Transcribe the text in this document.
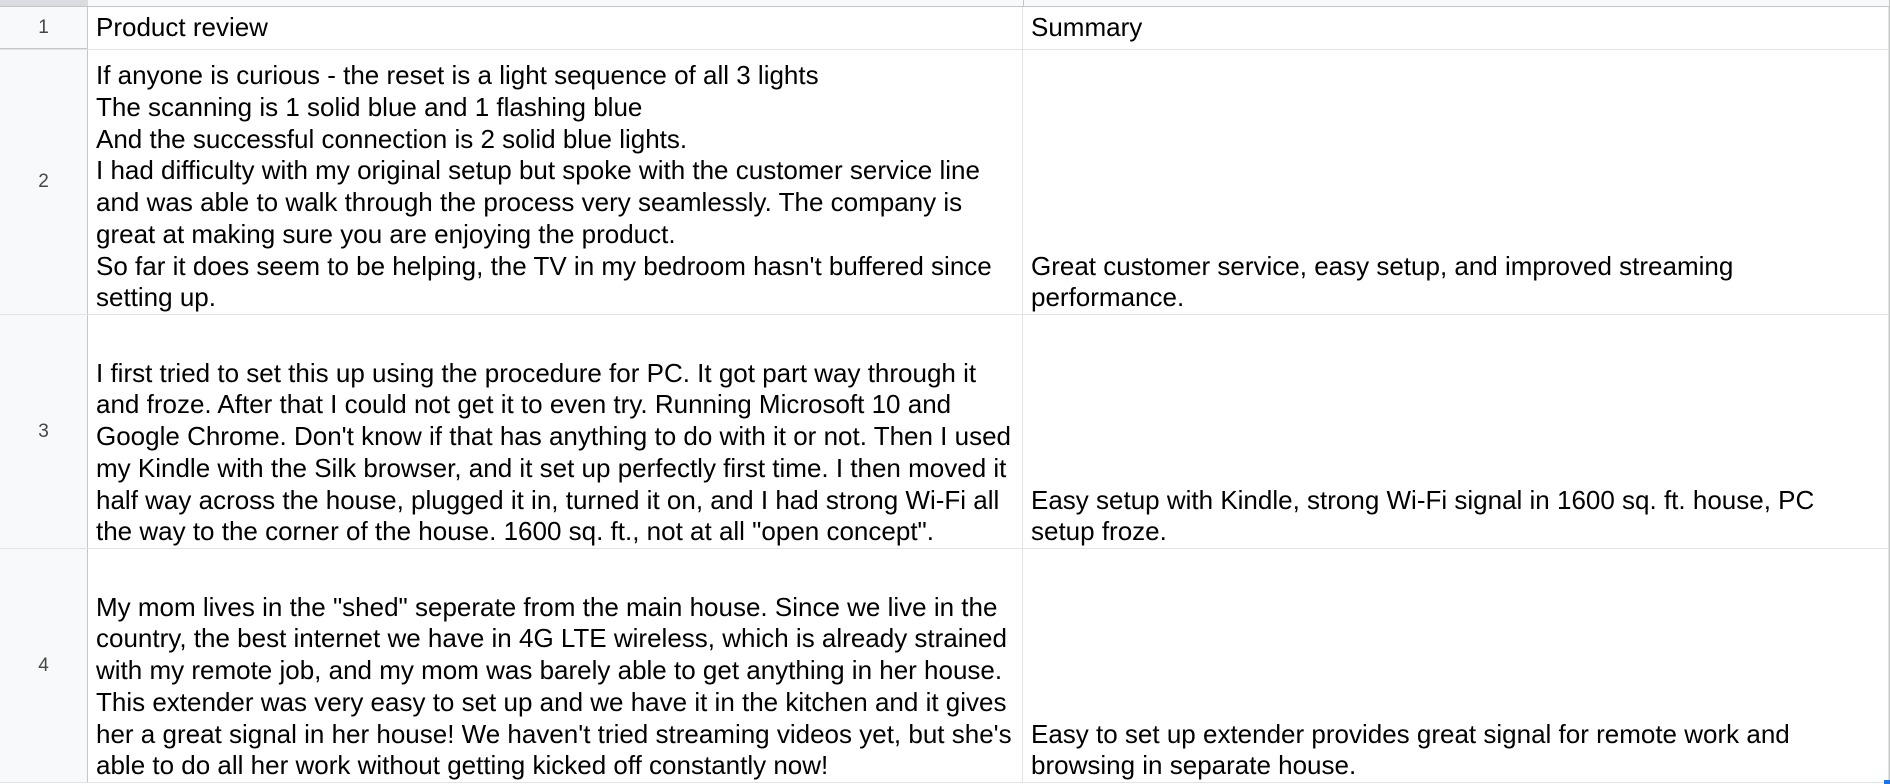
1	Product review	Summary
2
If anyone is curious - the reset is a light sequence of all 3 lights
The scanning is 1 solid blue and 1 flashing blue
And the successful connection is 2 solid blue lights.
I had difficulty with my original setup but spoke with the customer service line and was able to walk through the process very seamlessly. The company is great at making sure you are enjoying the product.
So far it does seem to be helping, the TV in my bedroom hasn't buffered since setting up.
Great customer service, easy setup, and improved streaming performance.
3
I first tried to set this up using the procedure for PC. It got part way through it and froze. After that I could not get it to even try. Running Microsoft 10 and Google Chrome. Don't know if that has anything to do with it or not. Then I used my Kindle with the Silk browser, and it set up perfectly first time. I then moved it half way across the house, plugged it in, turned it on, and I had strong Wi-Fi all the way to the corner of the house. 1600 sq. ft., not at all "open concept".
Easy setup with Kindle, strong Wi-Fi signal in 1600 sq. ft. house, PC setup froze.
4
My mom lives in the "shed" seperate from the main house. Since we live in the country, the best internet we have in 4G LTE wireless, which is already strained with my remote job, and my mom was barely able to get anything in her house. This extender was very easy to set up and we have it in the kitchen and it gives her a great signal in her house! We haven't tried streaming videos yet, but she's able to do all her work without getting kicked off constantly now!
Easy to set up extender provides great signal for remote work and browsing in separate house.
